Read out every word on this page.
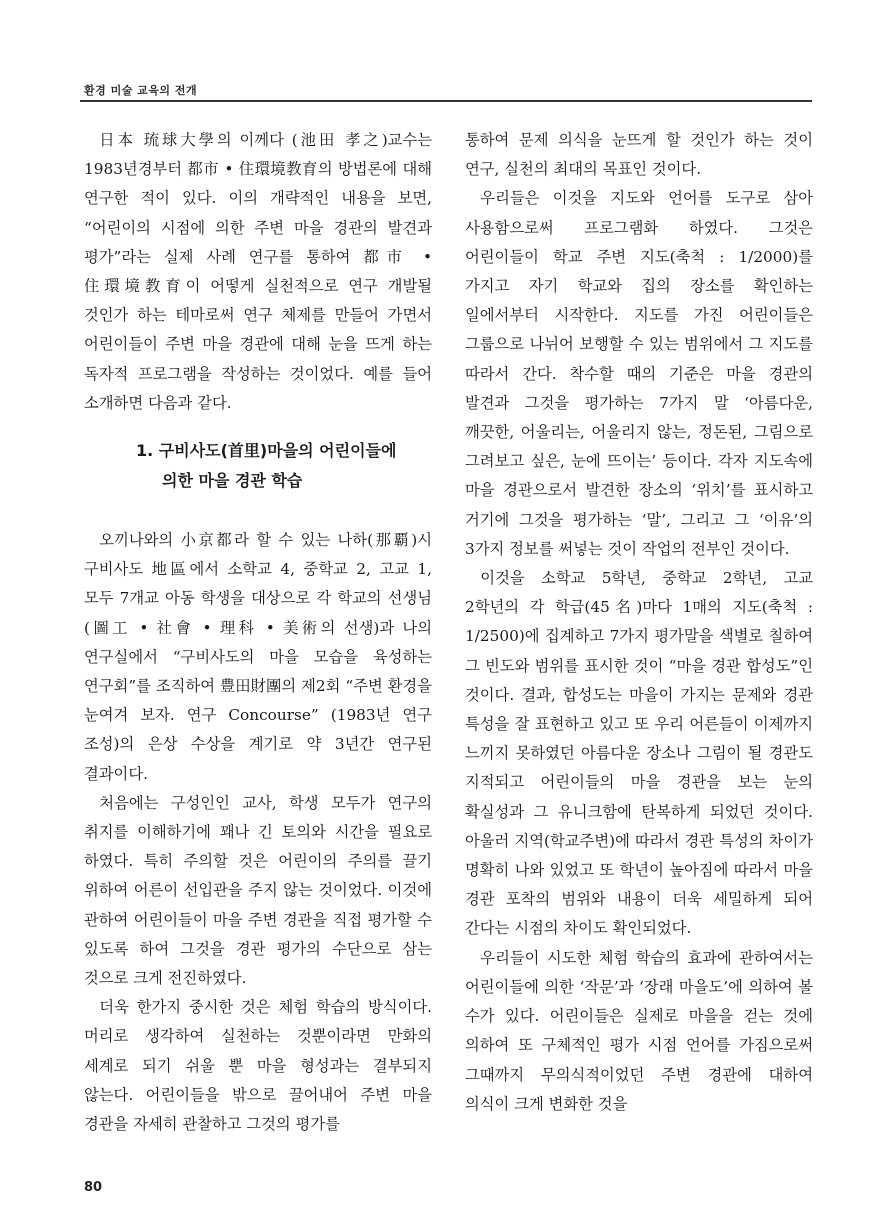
환경 미술 교육의 전개

日本 琉球大學의 이께다 (池田 孝之)교수는 1983년경부터 都市 • 住環境教育의 방법론에 대해 연구한 적이 있다. 이의 개략적인 내용을 보면, “어린이의 시점에 의한 주변 마을 경관의 발견과 평가”라는 실제 사례 연구를 통하여 都市 • 住環境教育이 어떻게 실천적으로 연구 개발될 것인가 하는 테마로써 연구 체제를 만들어 가면서 어린이들이 주변 마을 경관에 대해 눈을 뜨게 하는 독자적 프로그램을 작성하는 것이었다. 예를 들어 소개하면 다음과 같다.

1. 구비사도(首里)마을의 어린이들에
의한 마을 경관 학습

오끼나와의 小京都라 할 수 있는 나하(那覇)시 구비사도 地區에서 소학교 4, 중학교 2, 고교 1, 모두 7개교 아동 학생을 대상으로 각 학교의 선생님(圖工 • 社會 • 理科 • 美術의 선생)과 나의 연구실에서 “구비사도의 마을 모습을 육성하는 연구회”를 조직하여 豊田財團의 제2회 “주변 환경을 눈여겨 보자. 연구 Concourse” (1983년 연구 조성)의 은상 수상을 계기로 약 3년간 연구된 결과이다.

처음에는 구성인인 교사, 학생 모두가 연구의 취지를 이해하기에 꽤나 긴 토의와 시간을 필요로 하였다. 특히 주의할 것은 어린이의 주의를 끌기 위하여 어른이 선입관을 주지 않는 것이었다. 이것에 관하여 어린이들이 마을 주변 경관을 직접 평가할 수 있도록 하여 그것을 경관 평가의 수단으로 삼는 것으로 크게 전진하였다.

더욱 한가지 중시한 것은 체험 학습의 방식이다. 머리로 생각하여 실천하는 것뿐이라면 만화의 세계로 되기 쉬울 뿐 마을 형성과는 결부되지 않는다. 어린이들을 밖으로 끌어내어 주변 마을 경관을 자세히 관찰하고 그것의 평가를

통하여 문제 의식을 눈뜨게 할 것인가 하는 것이 연구, 실천의 최대의 목표인 것이다.

우리들은 이것을 지도와 언어를 도구로 삼아 사용함으로써 프로그램화 하였다. 그것은 어린이들이 학교 주변 지도(축척 : 1/2000)를 가지고 자기 학교와 집의 장소를 확인하는 일에서부터 시작한다. 지도를 가진 어린이들은 그룹으로 나뉘어 보행할 수 있는 범위에서 그 지도를 따라서 간다. 착수할 때의 기준은 마을 경관의 발견과 그것을 평가하는 7가지 말 ‘아름다운, 깨끗한, 어울리는, 어울리지 않는, 정돈된, 그림으로 그려보고 싶은, 눈에 뜨이는’ 등이다. 각자 지도속에 마을 경관으로서 발견한 장소의 ‘위치’를 표시하고 거기에 그것을 평가하는 ‘말’, 그리고 그 ‘이유’의 3가지 정보를 써넣는 것이 작업의 전부인 것이다.

이것을 소학교 5학년, 중학교 2학년, 고교 2학년의 각 학급(45名)마다 1매의 지도(축척 : 1/2500)에 집계하고 7가지 평가말을 색별로 칠하여 그 빈도와 범위를 표시한 것이 “마을 경관 합성도”인 것이다. 결과, 합성도는 마을이 가지는 문제와 경관 특성을 잘 표현하고 있고 또 우리 어른들이 이제까지 느끼지 못하였던 아름다운 장소나 그림이 될 경관도 지적되고 어린이들의 마을 경관을 보는 눈의 확실성과 그 유니크함에 탄복하게 되었던 것이다. 아울러 지역(학교주변)에 따라서 경관 특성의 차이가 명확히 나와 있었고 또 학년이 높아짐에 따라서 마을 경관 포착의 범위와 내용이 더욱 세밀하게 되어 간다는 시점의 차이도 확인되었다.

우리들이 시도한 체험 학습의 효과에 관하여서는 어린이들에 의한 ‘작문’과 ‘장래 마을도’에 의하여 볼 수가 있다. 어린이들은 실제로 마을을 걷는 것에 의하여 또 구체적인 평가 시점 언어를 가짐으로써 그때까지 무의식적이었던 주변 경관에 대하여 의식이 크게 변화한 것을

80
